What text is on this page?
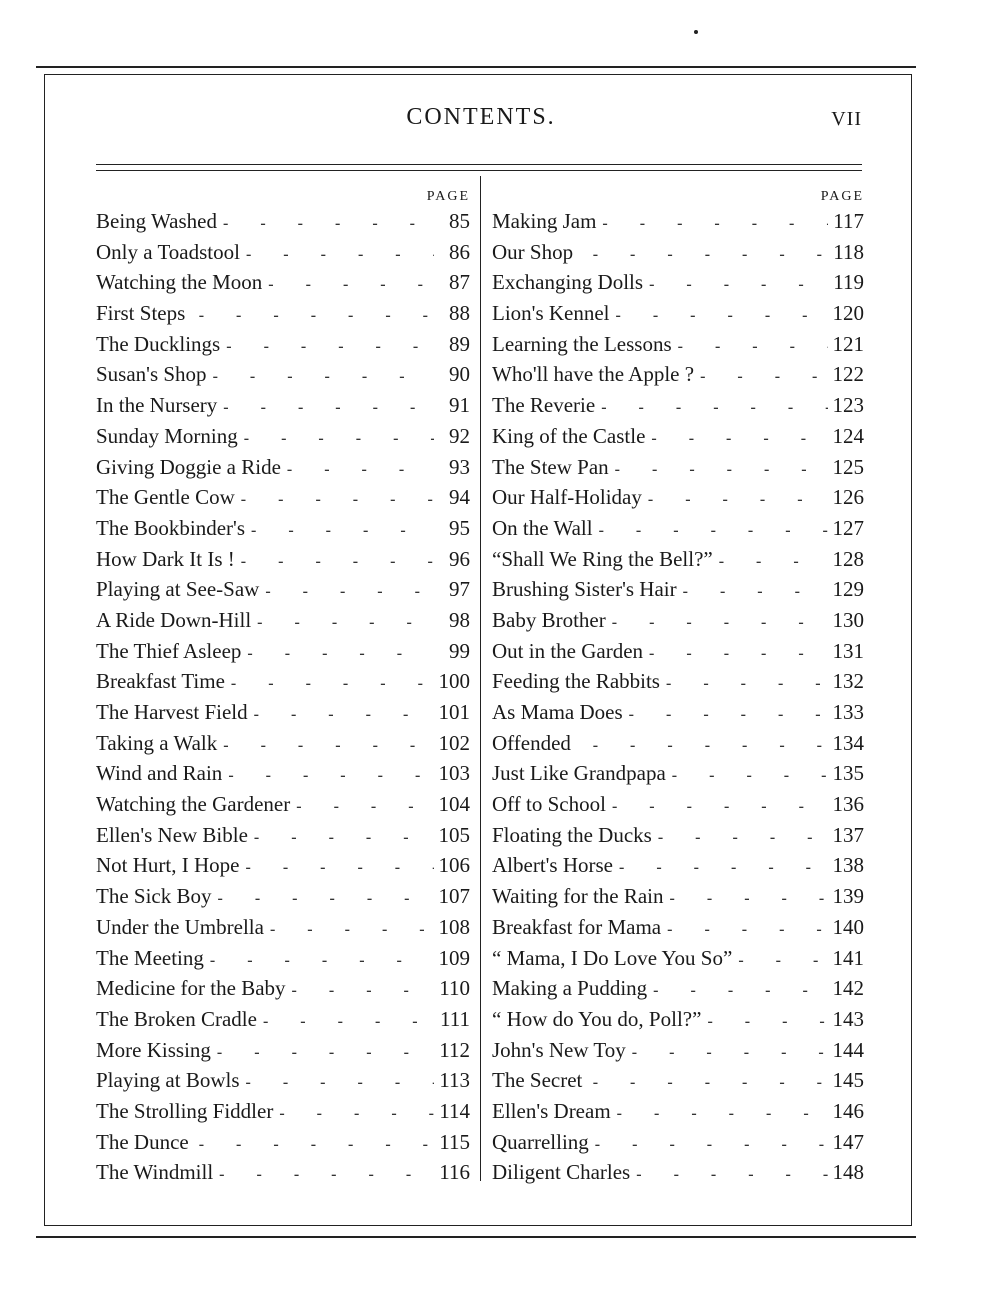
CONTENTS.	VII
PAGE
Being Washed -	85
Only a Toadstool -	86
Watching the Moon -	87
First Steps -	88
The Ducklings -	89
Susan's Shop -	90
In the Nursery -	91
Sunday Morning -	92
Giving Doggie a Ride -	93
The Gentle Cow -	94
The Bookbinder's -	95
How Dark It Is ! -	96
Playing at See-Saw -	97
A Ride Down-Hill -	98
The Thief Asleep -	99
Breakfast Time -	100
The Harvest Field -	101
Taking a Walk -	102
Wind and Rain -	103
Watching the Gardener -	104
Ellen's New Bible -	105
Not Hurt, I Hope -	106
The Sick Boy -	107
Under the Umbrella -	108
The Meeting -	109
Medicine for the Baby -	110
The Broken Cradle -	111
More Kissing -	112
Playing at Bowls -	113
The Strolling Fiddler -	114
The Dunce -	115
The Windmill -	116
PAGE
Making Jam -	117
Our Shop -	118
Exchanging Dolls -	119
Lion's Kennel -	120
Learning the Lessons -	121
Who'll have the Apple ? -	122
The Reverie -	123
King of the Castle -	124
The Stew Pan -	125
Our Half-Holiday -	126
On the Wall -	127
“Shall We Ring the Bell?” -	128
Brushing Sister's Hair -	129
Baby Brother -	130
Out in the Garden -	131
Feeding the Rabbits -	132
As Mama Does -	133
Offended -	134
Just Like Grandpapa -	135
Off to School -	136
Floating the Ducks -	137
Albert's Horse -	138
Waiting for the Rain -	139
Breakfast for Mama -	140
“ Mama, I Do Love You So” -	141
Making a Pudding -	142
“ How do You do, Poll?” -	143
John's New Toy -	144
The Secret -	145
Ellen's Dream -	146
Quarrelling -	147
Diligent Charles -	148
